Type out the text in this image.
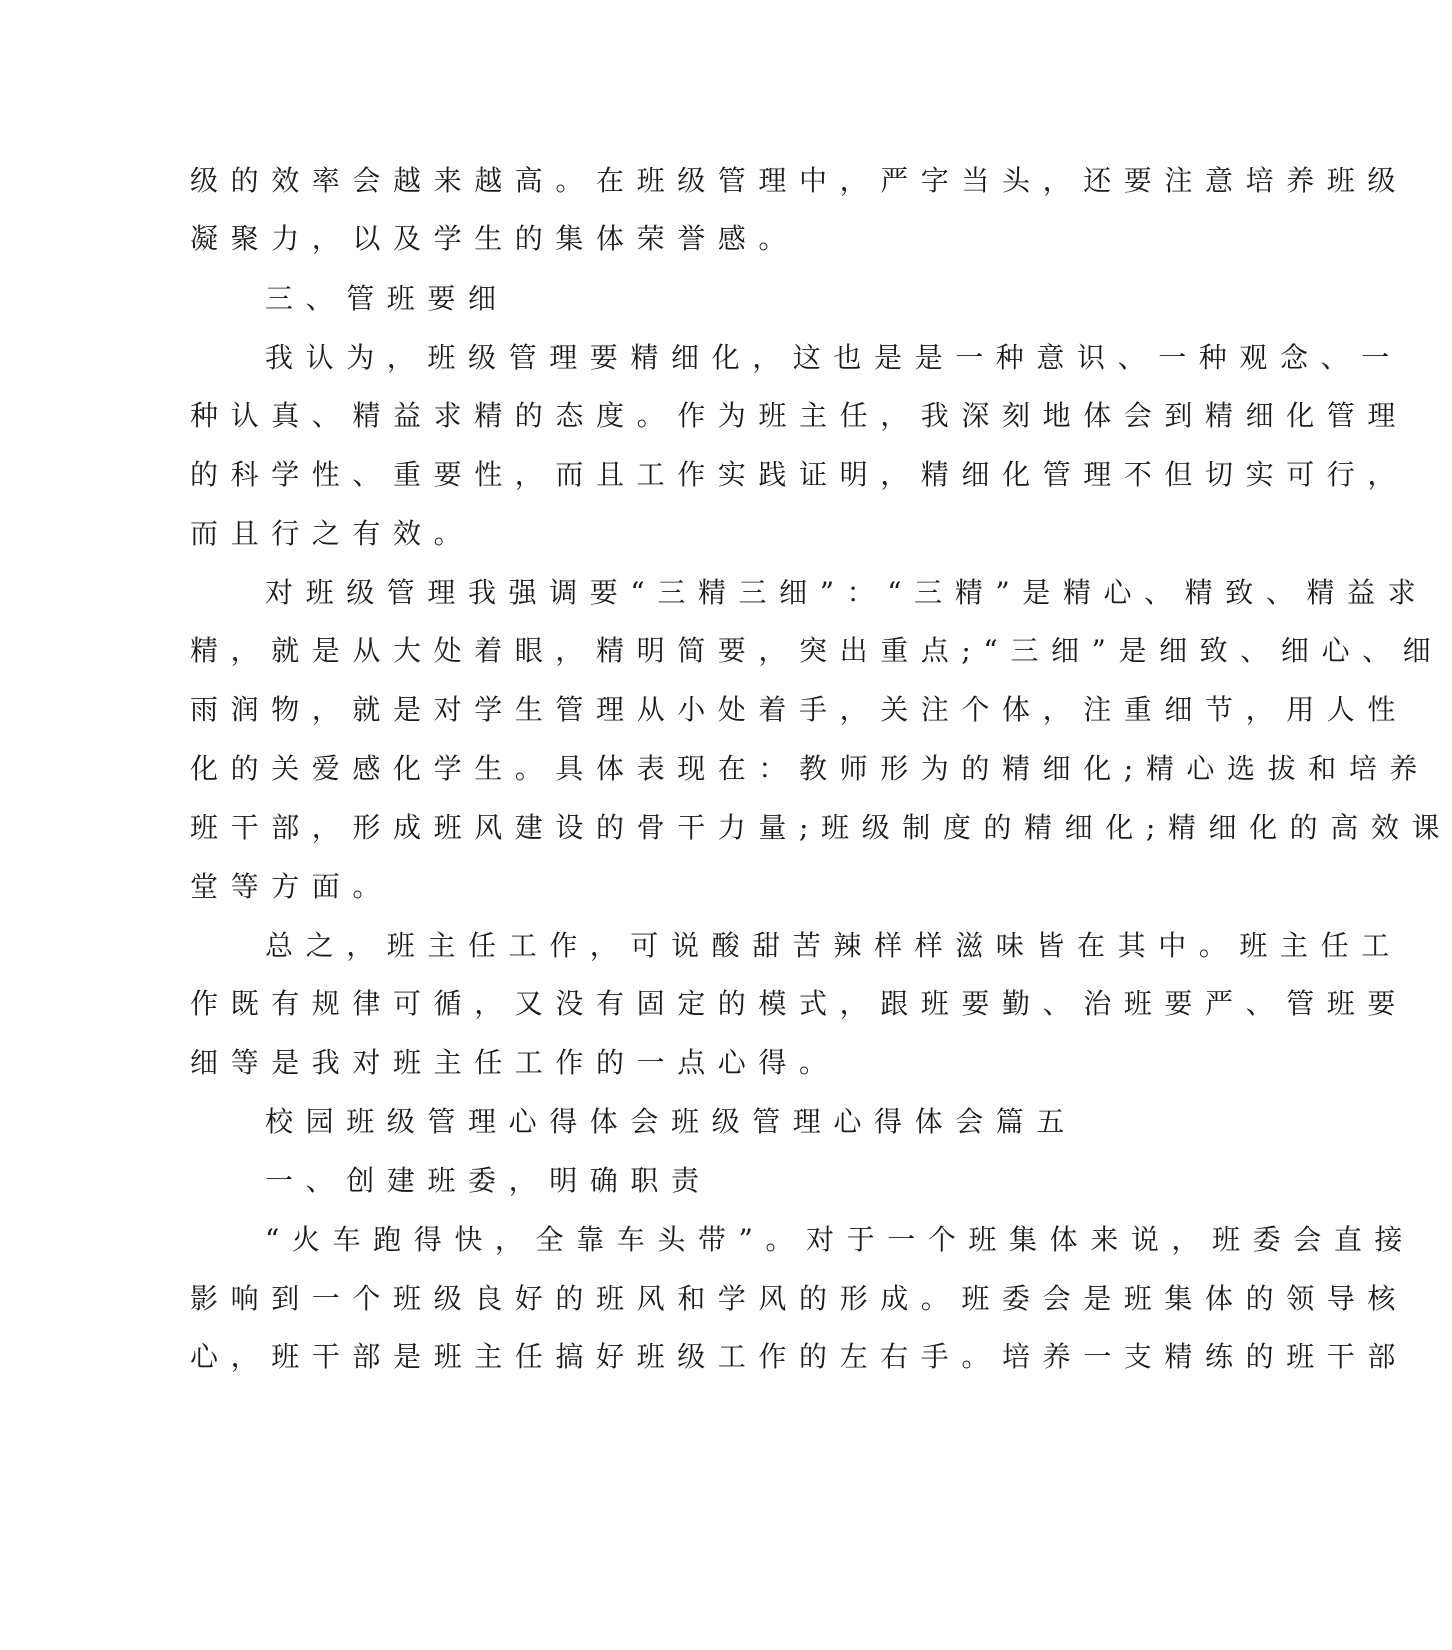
级的效率会越来越高。在班级管理中，严字当头，还要注意培养班级
凝聚力，以及学生的集体荣誉感。
三、管班要细
我认为，班级管理要精细化，这也是是一种意识、一种观念、一
种认真、精益求精的态度。作为班主任，我深刻地体会到精细化管理
的科学性、重要性，而且工作实践证明，精细化管理不但切实可行，
而且行之有效。
对班级管理我强调要“三精三细”：“三精”是精心、精致、精益求
精，就是从大处着眼，精明简要，突出重点;“三细”是细致、细心、细
雨润物，就是对学生管理从小处着手，关注个体，注重细节，用人性
化的关爱感化学生。具体表现在：教师形为的精细化;精心选拔和培养
班干部，形成班风建设的骨干力量;班级制度的精细化;精细化的高效课
堂等方面。
总之，班主任工作，可说酸甜苦辣样样滋味皆在其中。班主任工
作既有规律可循，又没有固定的模式，跟班要勤、治班要严、管班要
细等是我对班主任工作的一点心得。
校园班级管理心得体会班级管理心得体会篇五
一、创建班委，明确职责
“火车跑得快，全靠车头带”。对于一个班集体来说，班委会直接
影响到一个班级良好的班风和学风的形成。班委会是班集体的领导核
心，班干部是班主任搞好班级工作的左右手。培养一支精练的班干部
